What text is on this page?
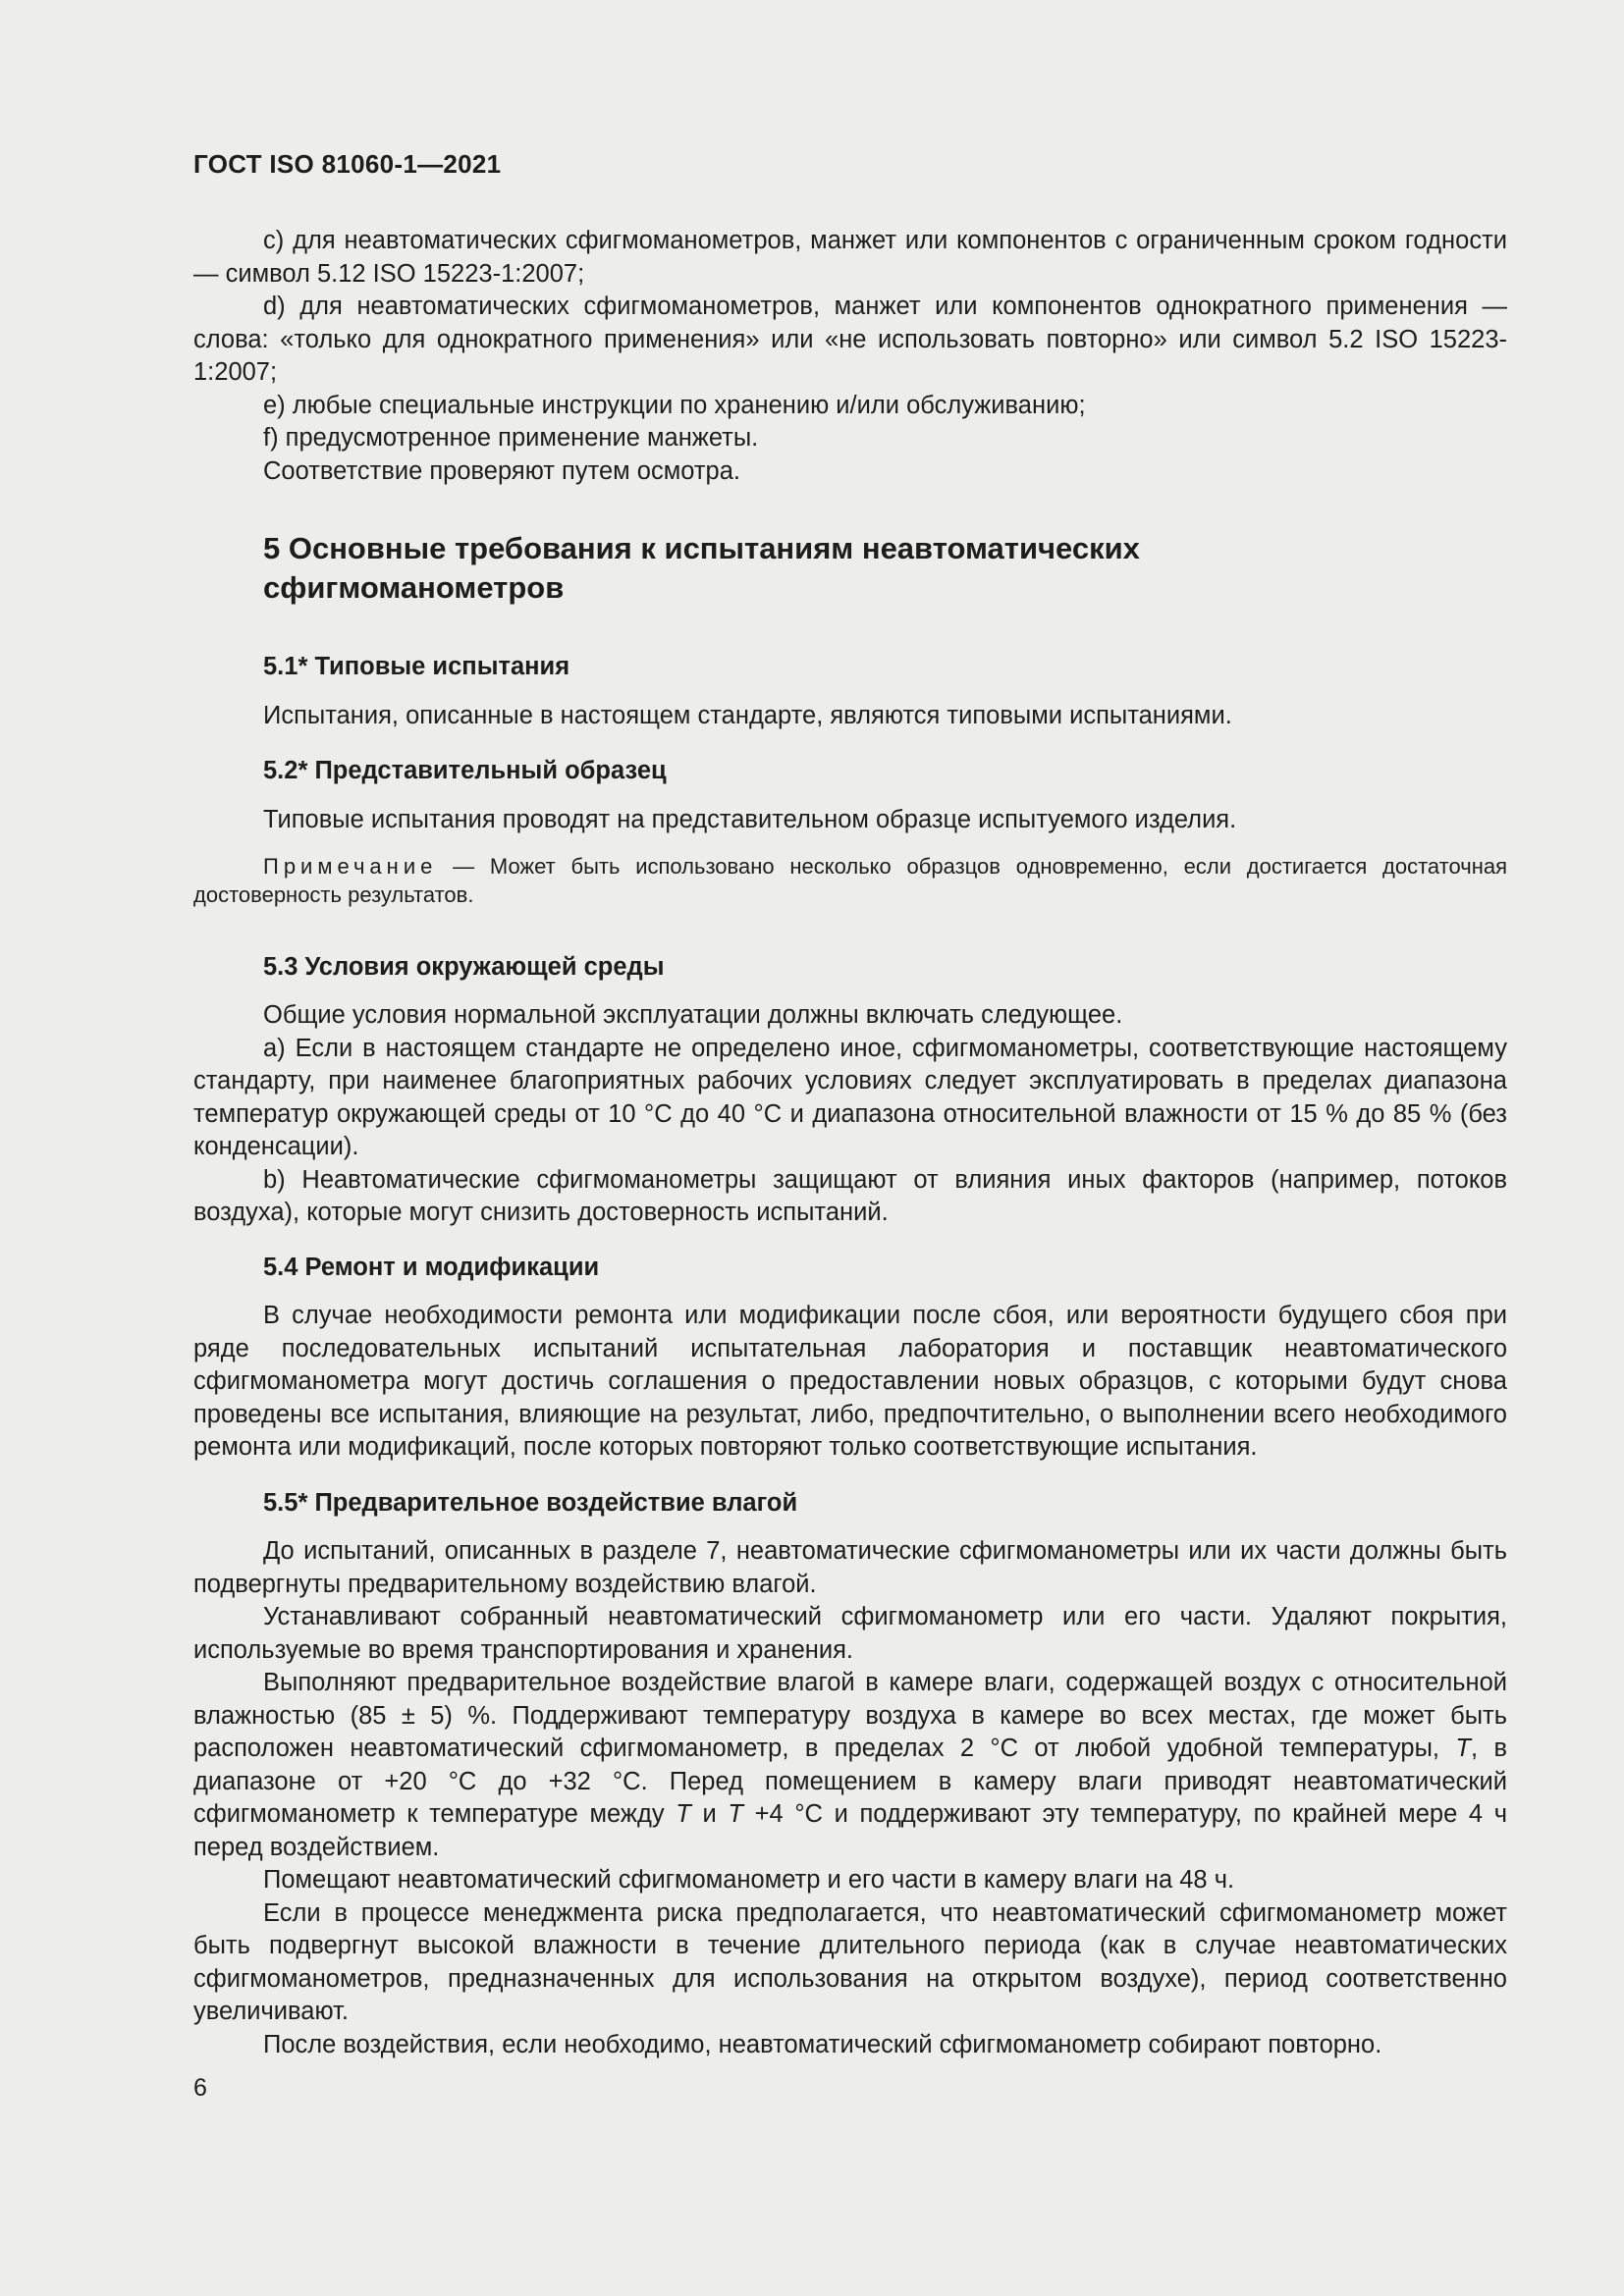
ГОСТ ISO 81060-1—2021

c) для неавтоматических сфигмоманометров, манжет или компонентов с ограниченным сроком годности — символ 5.12 ISO 15223-1:2007;

d) для неавтоматических сфигмоманометров, манжет или компонентов однократного применения — слова: «только для однократного применения» или «не использовать повторно» или символ 5.2 ISO 15223-1:2007;

e) любые специальные инструкции по хранению и/или обслуживанию;

f) предусмотренное применение манжеты.

Соответствие проверяют путем осмотра.

5 Основные требования к испытаниям неавтоматических
сфигмоманометров
5.1* Типовые испытания

Испытания, описанные в настоящем стандарте, являются типовыми испытаниями.

5.2* Представительный образец

Типовые испытания проводят на представительном образце испытуемого изделия.

Примечание — Может быть использовано несколько образцов одновременно, если достигается достаточная достоверность результатов.
5.3 Условия окружающей среды

Общие условия нормальной эксплуатации должны включать следующее.

а) Если в настоящем стандарте не определено иное, сфигмоманометры, соответствующие настоящему стандарту, при наименее благоприятных рабочих условиях следует эксплуатировать в пределах диапазона температур окружающей среды от 10 °С до 40 °С и диапазона относительной влажности от 15 % до 85 % (без конденсации).

b) Неавтоматические сфигмоманометры защищают от влияния иных факторов (например, потоков воздуха), которые могут снизить достоверность испытаний.

5.4 Ремонт и модификации

В случае необходимости ремонта или модификации после сбоя, или вероятности будущего сбоя при ряде последовательных испытаний испытательная лаборатория и поставщик неавтоматического сфигмоманометра могут достичь соглашения о предоставлении новых образцов, с которыми будут снова проведены все испытания, влияющие на результат, либо, предпочтительно, о выполнении всего необходимого ремонта или модификаций, после которых повторяют только соответствующие испытания.

5.5* Предварительное воздействие влагой

До испытаний, описанных в разделе 7, неавтоматические сфигмоманометры или их части должны быть подвергнуты предварительному воздействию влагой.

Устанавливают собранный неавтоматический сфигмоманометр или его части. Удаляют покрытия, используемые во время транспортирования и хранения.

Выполняют предварительное воздействие влагой в камере влаги, содержащей воздух с относительной влажностью (85 ± 5) %. Поддерживают температуру воздуха в камере во всех местах, где может быть расположен неавтоматический сфигмоманометр, в пределах 2 °С от любой удобной температуры, T, в диапазоне от +20 °С до +32 °С. Перед помещением в камеру влаги приводят неавтоматический сфигмоманометр к температуре между T и T +4 °С и поддерживают эту температуру, по крайней мере 4 ч перед воздействием.

Помещают неавтоматический сфигмоманометр и его части в камеру влаги на 48 ч.

Если в процессе менеджмента риска предполагается, что неавтоматический сфигмоманометр может быть подвергнут высокой влажности в течение длительного периода (как в случае неавтоматических сфигмоманометров, предназначенных для использования на открытом воздухе), период соответственно увеличивают.

После воздействия, если необходимо, неавтоматический сфигмоманометр собирают повторно.

6
